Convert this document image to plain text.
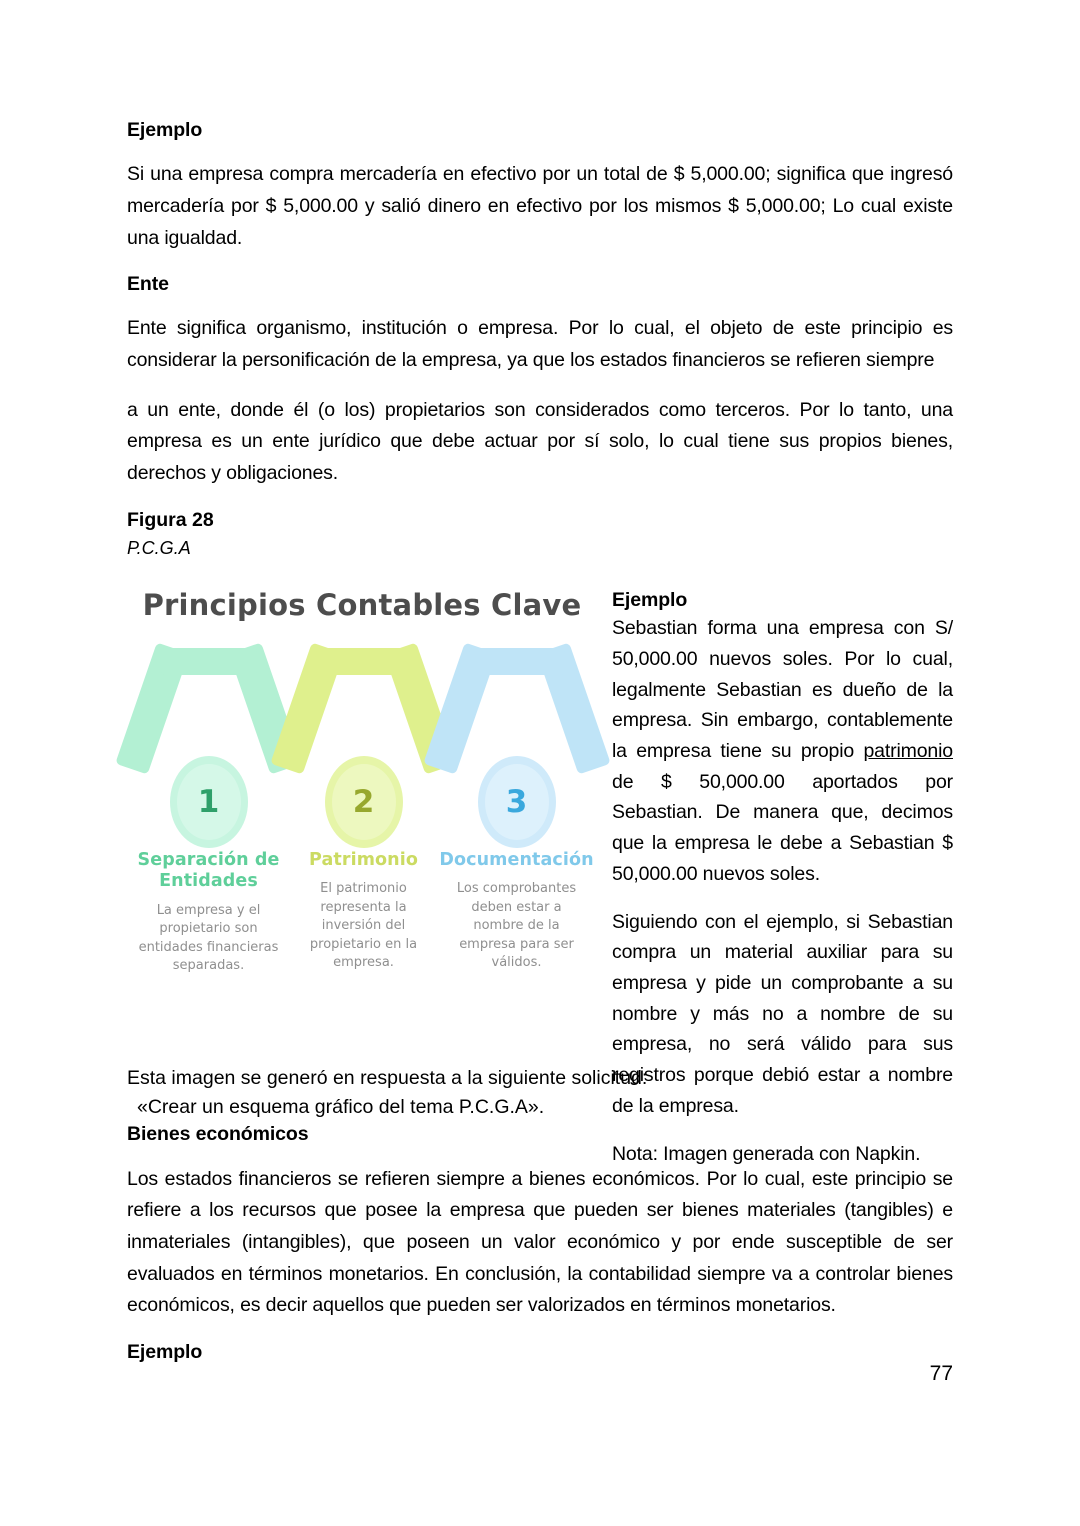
Ejemplo

Si una empresa compra mercadería en efectivo por un total de $ 5,000.00; significa que ingresó mercadería por $ 5,000.00 y salió dinero en efectivo por los mismos $ 5,000.00; Lo cual existe una igualdad.

Ente

Ente significa organismo, institución o empresa. Por lo cual, el objeto de este principio es considerar la personificación de la empresa, ya que los estados financieros se refieren siempre

a un ente, donde él (o los) propietarios son considerados como terceros. Por lo tanto, una empresa es un ente jurídico que debe actuar por sí solo, lo cual tiene sus propios bienes, derechos y obligaciones.

Figura 28

P.C.G.A

Principios Contables Clave
1
Separación de Entidades
La empresa y el propietario son entidades financieras separadas.
2
Patrimonio
El patrimonio representa la inversión del propietario en la empresa.
3
Documentación
Los comprobantes deben estar a nombre de la empresa para ser válidos.
Ejemplo

Sebastian forma una empresa con S/ 50,000.00 nuevos soles. Por lo cual, legalmente Sebastian es dueño de la empresa. Sin embargo, contablemente la empresa tiene su propio patrimonio de $ 50,000.00 aportados por Sebastian. De manera que, decimos que la empresa le debe a Sebastian $ 50,000.00 nuevos soles.

Siguiendo con el ejemplo, si Sebastian compra un material auxiliar para su empresa y pide un comprobante a su nombre y más no a nombre de su empresa, no será válido para sus registros porque debió estar a nombre de la empresa.

Nota: Imagen generada con Napkin.

Esta imagen se generó en respuesta a la siguiente solicitud:

«Crear un esquema gráfico del tema P.C.G.A».

Bienes económicos

Los estados financieros se refieren siempre a bienes económicos. Por lo cual, este principio se refiere a los recursos que posee la empresa que pueden ser bienes materiales (tangibles) e inmateriales (intangibles), que poseen un valor económico y por ende susceptible de ser evaluados en términos monetarios. En conclusión, la contabilidad siempre va a controlar bienes económicos, es decir aquellos que pueden ser valorizados en términos monetarios.

Ejemplo
77
